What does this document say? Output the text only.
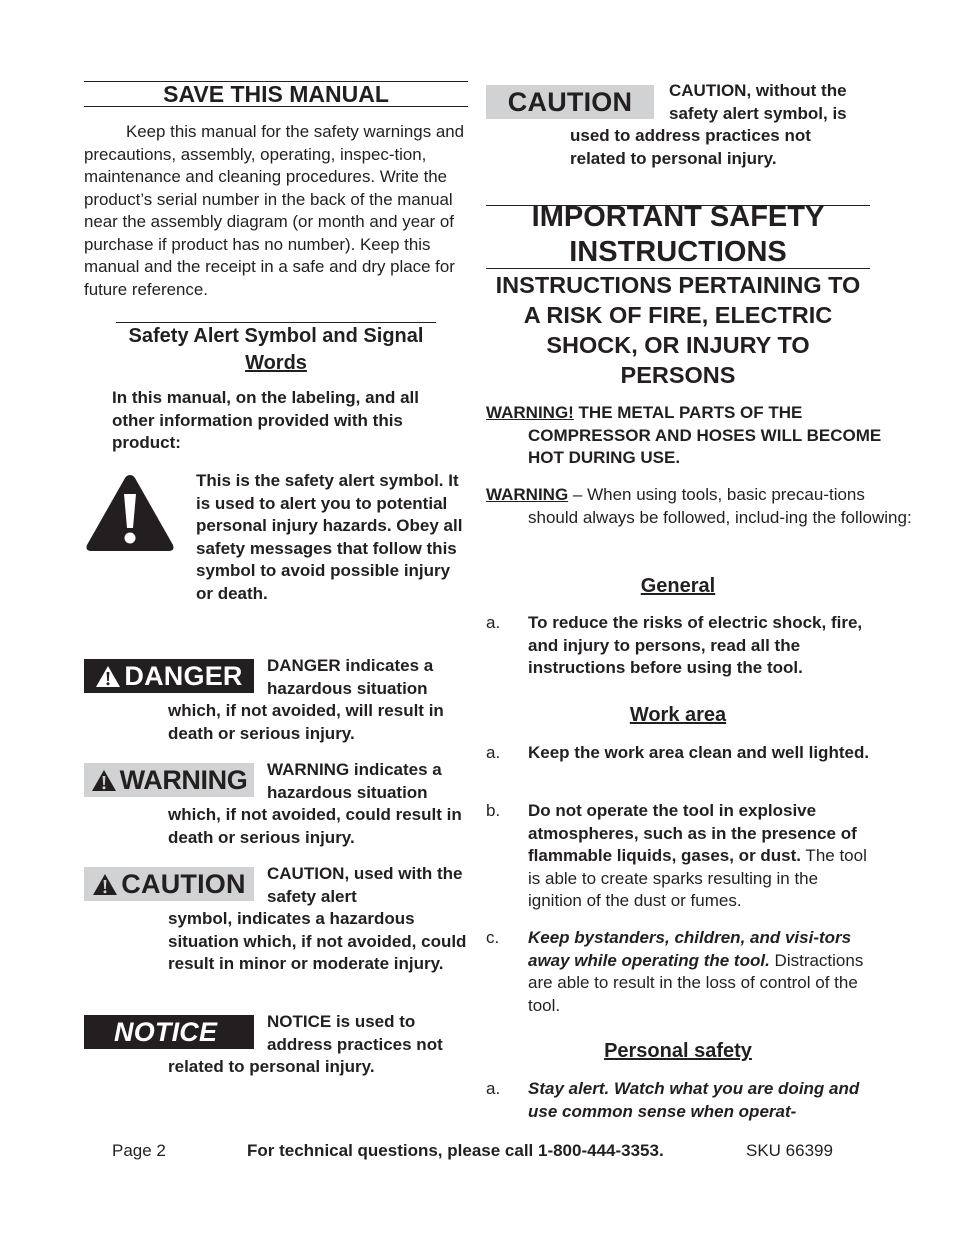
SAVE THIS MANUAL
Keep this manual for the safety warnings and precautions, assembly, operating, inspec-tion, maintenance and cleaning procedures. Write the product’s serial number in the back of the manual near the assembly diagram (or month and year of purchase if product has no number). Keep this manual and the receipt in a safe and dry place for future reference.
Safety Alert Symbol and Signal
Words
In this manual, on the labeling, and all other information provided with this product:
This is the safety alert symbol. It is used to alert you to potential personal injury hazards. Obey all safety messages that follow this symbol to avoid possible injury or death.
DANGER	DANGER indicates a hazardous situation
which, if not avoided, will result in death or serious injury.
WARNING	WARNING indicates a hazardous situation
which, if not avoided, could result in death or serious injury.
CAUTION	CAUTION, used with the safety alert
symbol, indicates a hazardous situation which, if not avoided, could result in minor or moderate injury.
NOTICE	NOTICE is used to address practices not
related to personal injury.
CAUTION	CAUTION, without the safety alert symbol, is
used to address practices not related to personal injury.
IMPORTANT SAFETY
INSTRUCTIONS
INSTRUCTIONS PERTAINING TO A RISK OF FIRE, ELECTRIC SHOCK, OR INJURY TO PERSONS
WARNING! THE METAL PARTS OF THE COMPRESSOR AND HOSES WILL BECOME HOT DURING USE.
WARNING – When using tools, basic precau-tions should always be followed, includ-ing the following:
General
a. To reduce the risks of electric shock, fire, and injury to persons, read all the instructions before using the tool.
Work area
a. Keep the work area clean and well lighted.
b. Do not operate the tool in explosive atmospheres, such as in the presence of flammable liquids, gases, or dust. The tool is able to create sparks resulting in the ignition of the dust or fumes.
c. Keep bystanders, children, and visi-tors away while operating the tool. Distractions are able to result in the loss of control of the tool.
Personal safety
a. Stay alert. Watch what you are doing and use common sense when operat-
Page 2	For technical questions, please call 1-800-444-3353.	SKU 66399
